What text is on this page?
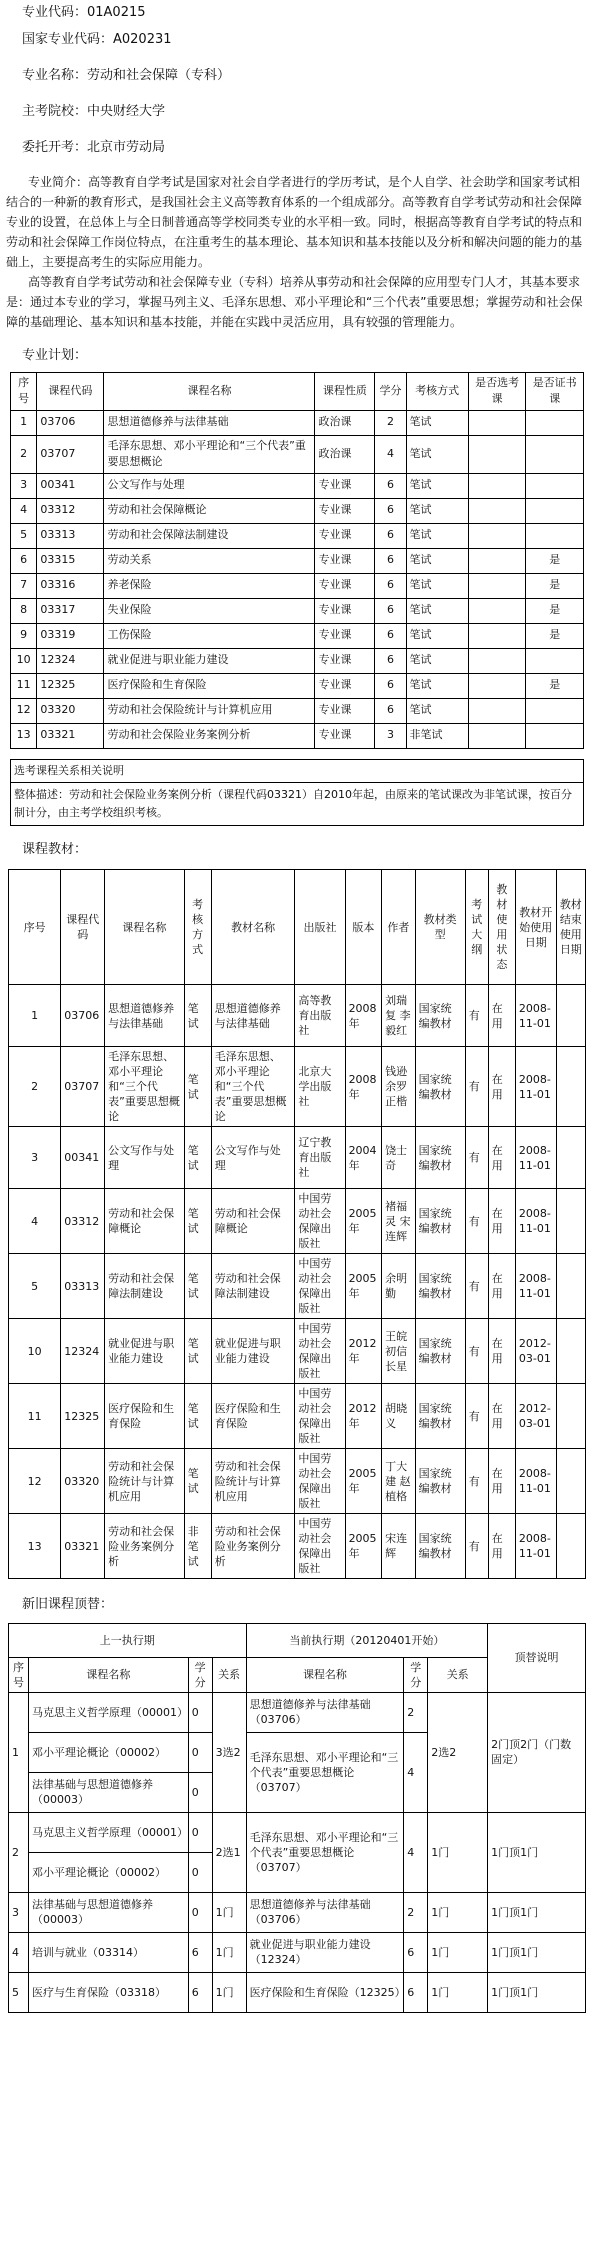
专业代码：01A0215
国家专业代码：A020231
专业名称：劳动和社会保障（专科）
主考院校：中央财经大学
委托开考：北京市劳动局

专业简介：高等教育自学考试是国家对社会自学者进行的学历考试，是个人自学、社会助学和国家考试相结合的一种新的教育形式，是我国社会主义高等教育体系的一个组成部分。高等教育自学考试劳动和社会保障专业的设置，在总体上与全日制普通高等学校同类专业的水平相一致。同时，根据高等教育自学考试的特点和劳动和社会保障工作岗位特点，在注重考生的基本理论、基本知识和基本技能以及分析和解决问题的能力的基础上，主要提高考生的实际应用能力。

高等教育自学考试劳动和社会保障专业（专科）培养从事劳动和社会保障的应用型专门人才，其基本要求是：通过本专业的学习，掌握马列主义、毛泽东思想、邓小平理论和“三个代表”重要思想；掌握劳动和社会保障的基础理论、基本知识和基本技能，并能在实践中灵活应用，具有较强的管理能力。

专业计划：
序号	课程代码	课程名称	课程性质	学分	考核方式	是否选考课	是否证书课
1	03706	思想道德修养与法律基础	政治课	2	笔试		
2	03707	毛泽东思想、邓小平理论和“三个代表”重要思想概论	政治课	4	笔试		
3	00341	公文写作与处理	专业课	6	笔试		
4	03312	劳动和社会保障概论	专业课	6	笔试		
5	03313	劳动和社会保障法制建设	专业课	6	笔试		
6	03315	劳动关系	专业课	6	笔试		是
7	03316	养老保险	专业课	6	笔试		是
8	03317	失业保险	专业课	6	笔试		是
9	03319	工伤保险	专业课	6	笔试		是
10	12324	就业促进与职业能力建设	专业课	6	笔试		
11	12325	医疗保险和生育保险	专业课	6	笔试		是
12	03320	劳动和社会保险统计与计算机应用	专业课	6	笔试		
13	03321	劳动和社会保险业务案例分析	专业课	3	非笔试		
选考课程关系相关说明
整体描述：劳动和社会保险业务案例分析（课程代码03321）自2010年起，由原来的笔试课改为非笔试课，按百分制计分，由主考学校组织考核。
课程教材：
序号	课程代码	课程名称	考核方式	教材名称	出版社	版本	作者	教材类型	考试大纲	教材使用状态	教材开始使用日期	教材结束使用日期
1	03706	思想道德修养与法律基础	笔试	思想道德修养与法律基础	高等教育出版社	2008年	刘瑞复 李毅红	国家统编教材	有	在用	2008-11-01	
2	03707	毛泽东思想、邓小平理论和“三个代表”重要思想概论	笔试	毛泽东思想、邓小平理论和“三个代表”重要思想概论	北京大学出版社	2008年	钱逊 余罗 正楷	国家统编教材	有	在用	2008-11-01	
3	00341	公文写作与处理	笔试	公文写作与处理	辽宁教育出版社	2004年	饶士奇	国家统编教材	有	在用	2008-11-01	
4	03312	劳动和社会保障概论	笔试	劳动和社会保障概论	中国劳动社会保障出版社	2005年	褚福灵 宋连辉	国家统编教材	有	在用	2008-11-01	
5	03313	劳动和社会保障法制建设	笔试	劳动和社会保障法制建设	中国劳动社会保障出版社	2005年	余明勤	国家统编教材	有	在用	2008-11-01	
10	12324	就业促进与职业能力建设	笔试	就业促进与职业能力建设	中国劳动社会保障出版社	2012年	王皖 初信 长星	国家统编教材	有	在用	2012-03-01	
11	12325	医疗保险和生育保险	笔试	医疗保险和生育保险	中国劳动社会保障出版社	2012年	胡晓义	国家统编教材	有	在用	2012-03-01	
12	03320	劳动和社会保险统计与计算机应用	笔试	劳动和社会保险统计与计算机应用	中国劳动社会保障出版社	2005年	丁大建 赵植格	国家统编教材	有	在用	2008-11-01	
13	03321	劳动和社会保险业务案例分析	非笔试	劳动和社会保险业务案例分析	中国劳动社会保障出版社	2005年	宋连辉	国家统编教材	有	在用	2008-11-01	
新旧课程顶替：
上一执行期				当前执行期（20120401开始）			顶替说明
序号	课程名称	学分	关系	课程名称	学分	关系	
1	马克思主义哲学原理（00001）	0	3选2	思想道德修养与法律基础（03706）	2	2选2	2门顶2门（门数固定）
	邓小平理论概论（00002）	0		毛泽东思想、邓小平理论和“三个代表”重要思想概论（03707）	4		
	法律基础与思想道德修养（00003）	0					
2	马克思主义哲学原理（00001）	0	2选1	毛泽东思想、邓小平理论和“三个代表”重要思想概论（03707）	4	1门	1门顶1门
	邓小平理论概论（00002）	0					
3	法律基础与思想道德修养（00003）	0	1门	思想道德修养与法律基础（03706）	2	1门	1门顶1门
4	培训与就业（03314）	6	1门	就业促进与职业能力建设（12324）	6	1门	1门顶1门
5	医疗与生育保险（03318）	6	1门	医疗保险和生育保险（12325）	6	1门	1门顶1门
